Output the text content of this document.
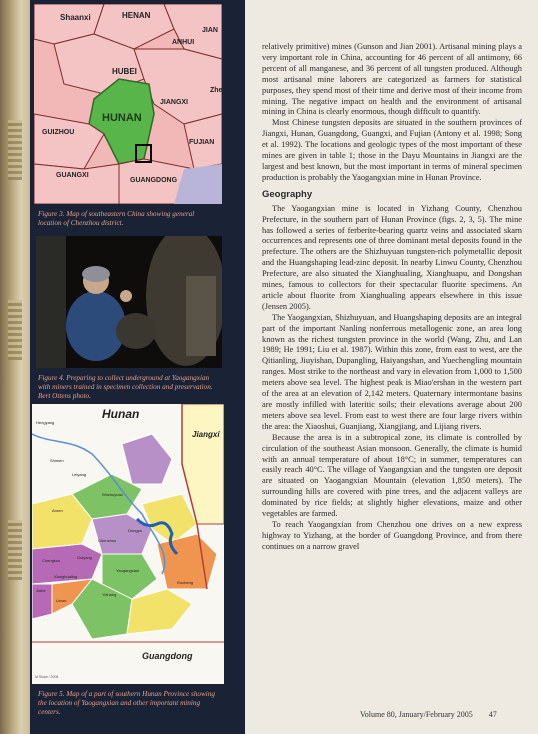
Shaanxi	HENAN
ANHUI
JIAN
HUBEI
JIANGXI
Zhe
HUNAN
GUIZHOU
FUJIAN
GUANGXI
GUANGDONG
Figure 3. Map of southeastern China showing general location of Chenzhou district.
Figure 4. Preparing to collect underground at Yaogangxian with miners trained in specimen collection and preservation. Bert Ottens photo.
Hunan
Jiangxi
Guangdong
Hengyang
Shimen
Leiyang
Anren
Shizhuyuan
Chenzhou
Guiyang
Dongpo
Chengkou
Xianghualing
Jiahe
Linwu
Yizhang
Yaogangxian
Rucheng
M.Shaw / 2005
Figure 5. Map of a part of southern Hunan Province showing the location of Yaogangxian and other important mining centers.

relatively primitive) mines (Gunson and Jian 2001). Artisanal mining plays a very important role in China, accounting for 46 percent of all antimony, 66 percent of all manganese, and 36 percent of all tungsten produced. Although most artisanal mine laborers are categorized as farmers for statistical purposes, they spend most of their time and derive most of their income from mining. The negative impact on health and the environment of artisanal mining in China is clearly enormous, though difficult to quantify.

Most Chinese tungsten deposits are situated in the southern provinces of Jiangxi, Hunan, Guangdong, Guangxi, and Fujian (Antony et al. 1998; Song et al. 1992). The locations and geologic types of the most important of these mines are given in table 1; those in the Dayu Mountains in Jiangxi are the largest and best known, but the most important in terms of mineral specimen production is probably the Yaogangxian mine in Hunan Province.

Geography

The Yaogangxian mine is located in Yizhang County, Chenzhou Prefecture, in the southern part of Hunan Province (figs. 2, 3, 5). The mine has followed a series of ferberite-bearing quartz veins and associated skarn occurrences and represents one of three dominant metal deposits found in the prefecture. The others are the Shizhuyuan tungsten-rich polymetallic deposit and the Huangshaping lead-zinc deposit. In nearby Linwu County, Chenzhou Prefecture, are also situated the Xianghualing, Xianghuapu, and Dongshan mines, famous to collectors for their spectacular fluorite specimens. An article about fluorite from Xianghualing appears elsewhere in this issue (Jensen 2005).

The Yaogangxian, Shizhuyuan, and Huangshaping deposits are an integral part of the important Nanling nonferrous metallogenic zone, an area long known as the richest tungsten province in the world (Wang, Zhu, and Lan 1989; He 1991; Liu et al. 1987). Within this zone, from east to west, are the Qitianling, Jiuyishan, Dupangling, Haiyangshan, and Yuechengling mountain ranges. Most strike to the northeast and vary in elevation from 1,000 to 1,500 meters above sea level. The highest peak is Miao'ershan in the western part of the area at an elevation of 2,142 meters. Quaternary intermontane basins are mostly infilled with lateritic soils; their elevations average about 200 meters above sea level. From east to west there are four large rivers within the area: the Xiaoshui, Guanjiang, Xiangjiang, and Lijiang rivers.

Because the area is in a subtropical zone, its climate is controlled by circulation of the southeast Asian monsoon. Generally, the climate is humid with an annual temperature of about 18°C; in summer, temperatures can easily reach 40°C. The village of Yaogangxian and the tungsten ore deposit are situated on Yaogangxian Mountain (elevation 1,850 meters). The surrounding hills are covered with pine trees, and the adjacent valleys are dominated by rice fields; at slightly higher elevations, maize and other vegetables are farmed.

To reach Yaogangxian from Chenzhou one drives on a new express highway to Yizhang, at the border of Guangdong Province, and from there continues on a narrow gravel

Volume 80, January/February 2005 47
